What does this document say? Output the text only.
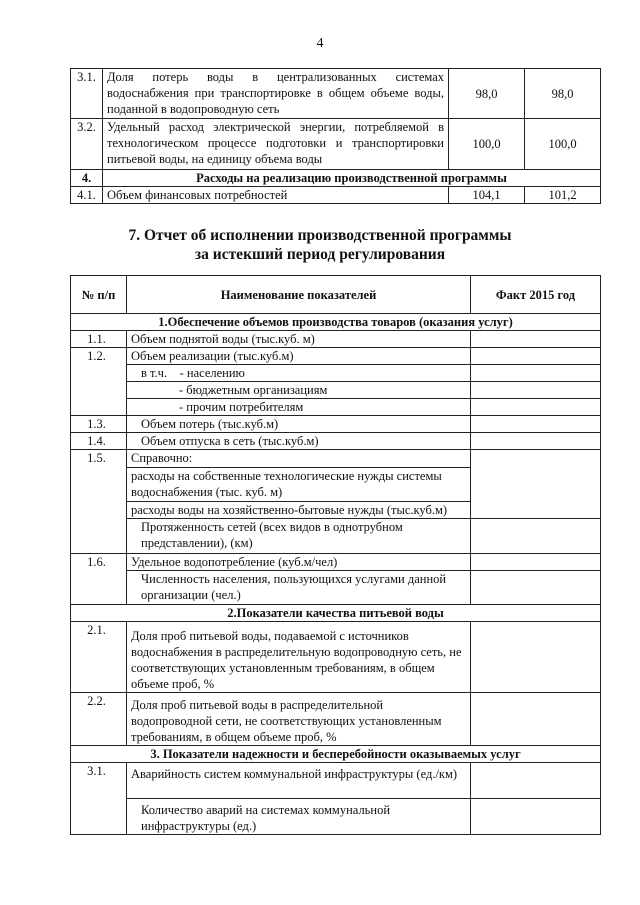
4
3.1.	Доля потерь воды в централизованных системах водоснабжения при транспортировке в общем объеме воды, поданной в водопроводную сеть	98,0	98,0
3.2.	Удельный расход электрической энергии, потребляемой в технологическом процессе подготовки и транспортировки питьевой воды, на единицу объема воды	100,0	100,0
4.	Расходы на реализацию производственной программы		
4.1.	Объем финансовых потребностей	104,1	101,2
7. Отчет об исполнении производственной программы
за истекший период регулирования
№ п/п	Наименование показателей	Факт 2015 год
1.Обеспечение объемов производства товаров (оказания услуг)		
1.1.	Объем поднятой воды (тыс.куб. м)	
1.2.	Объем реализации (тыс.куб.м)	
	в т.ч. - населению	
	- бюджетным организациям	
	- прочим потребителям	
1.3.	Объем потерь (тыс.куб.м)	
1.4.	Объем отпуска в сеть (тыс.куб.м)	
1.5.	Справочно:	
	расходы на собственные технологические нужды системы водоснабжения (тыс. куб. м)	
	расходы воды на хозяйственно-бытовые нужды (тыс.куб.м)	
	Протяженность сетей (всех видов в однотрубном представлении), (км)	
1.6.	Удельное водопотребление (куб.м/чел)	
	Численность населения, пользующихся услугами данной организации (чел.)	
2.Показатели качества питьевой воды		
2.1.	Доля проб питьевой воды, подаваемой с источников водоснабжения в распределительную водопроводную сеть, не соответствующих установленным требованиям, в общем объеме проб, %	
2.2.	Доля проб питьевой воды в распределительной водопроводной сети, не соответствующих установленным требованиям, в общем объеме проб, %	
3. Показатели надежности и бесперебойности оказываемых услуг		
3.1.	Аварийность систем коммунальной инфраструктуры (ед./км)	
	Количество аварий на системах коммунальной инфраструктуры (ед.)	
